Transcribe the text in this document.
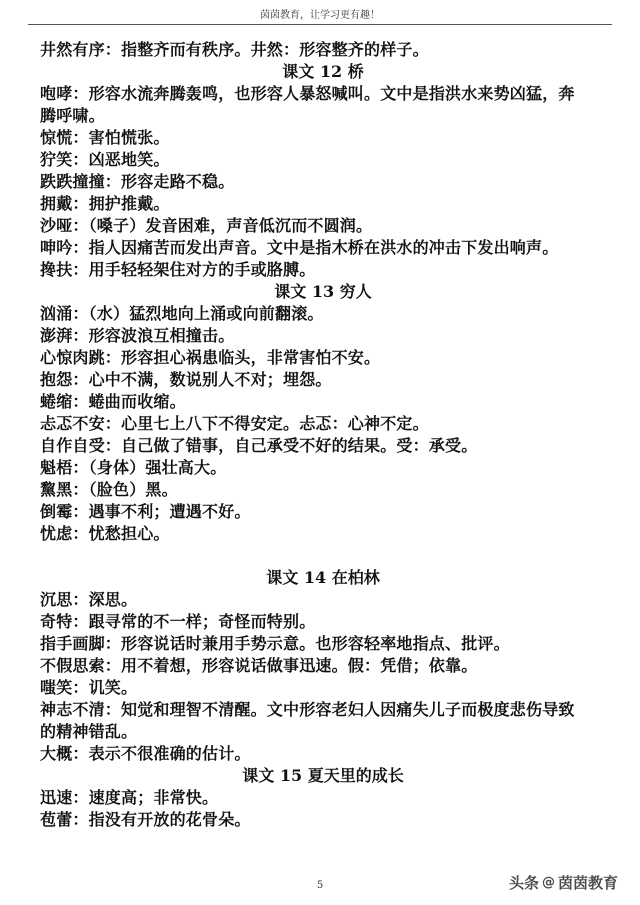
茵茵教育，让学习更有趣！
井然有序：指整齐而有秩序。井然：形容整齐的样子。
课文 12 桥
咆哮：形容水流奔腾轰鸣，也形容人暴怒喊叫。文中是指洪水来势凶猛，奔
腾呼啸。
惊慌：害怕慌张。
狞笑：凶恶地笑。
跌跌撞撞：形容走路不稳。
拥戴：拥护推戴。
沙哑：（嗓子）发音困难，声音低沉而不圆润。
呻吟：指人因痛苦而发出声音。文中是指木桥在洪水的冲击下发出响声。
搀扶：用手轻轻架住对方的手或胳膊。
课文 13 穷人
汹涌：（水）猛烈地向上涌或向前翻滚。
澎湃：形容波浪互相撞击。
心惊肉跳：形容担心祸患临头，非常害怕不安。
抱怨：心中不满，数说别人不对；埋怨。
蜷缩：蜷曲而收缩。
忐忑不安：心里七上八下不得安定。忐忑：心神不定。
自作自受：自己做了错事，自己承受不好的结果。受：承受。
魁梧：（身体）强壮高大。
黧黑：（脸色）黑。
倒霉：遇事不利；遭遇不好。
忧虑：忧愁担心。
课文 14 在柏林
沉思：深思。
奇特：跟寻常的不一样；奇怪而特别。
指手画脚：形容说话时兼用手势示意。也形容轻率地指点、批评。
不假思索：用不着想，形容说话做事迅速。假：凭借；依靠。
嗤笑：讥笑。
神志不清：知觉和理智不清醒。文中形容老妇人因痛失儿子而极度悲伤导致
的精神错乱。
大概：表示不很准确的估计。
课文 15 夏天里的成长
迅速：速度高；非常快。
苞蕾：指没有开放的花骨朵。
5	头条 @ 茵茵教育
